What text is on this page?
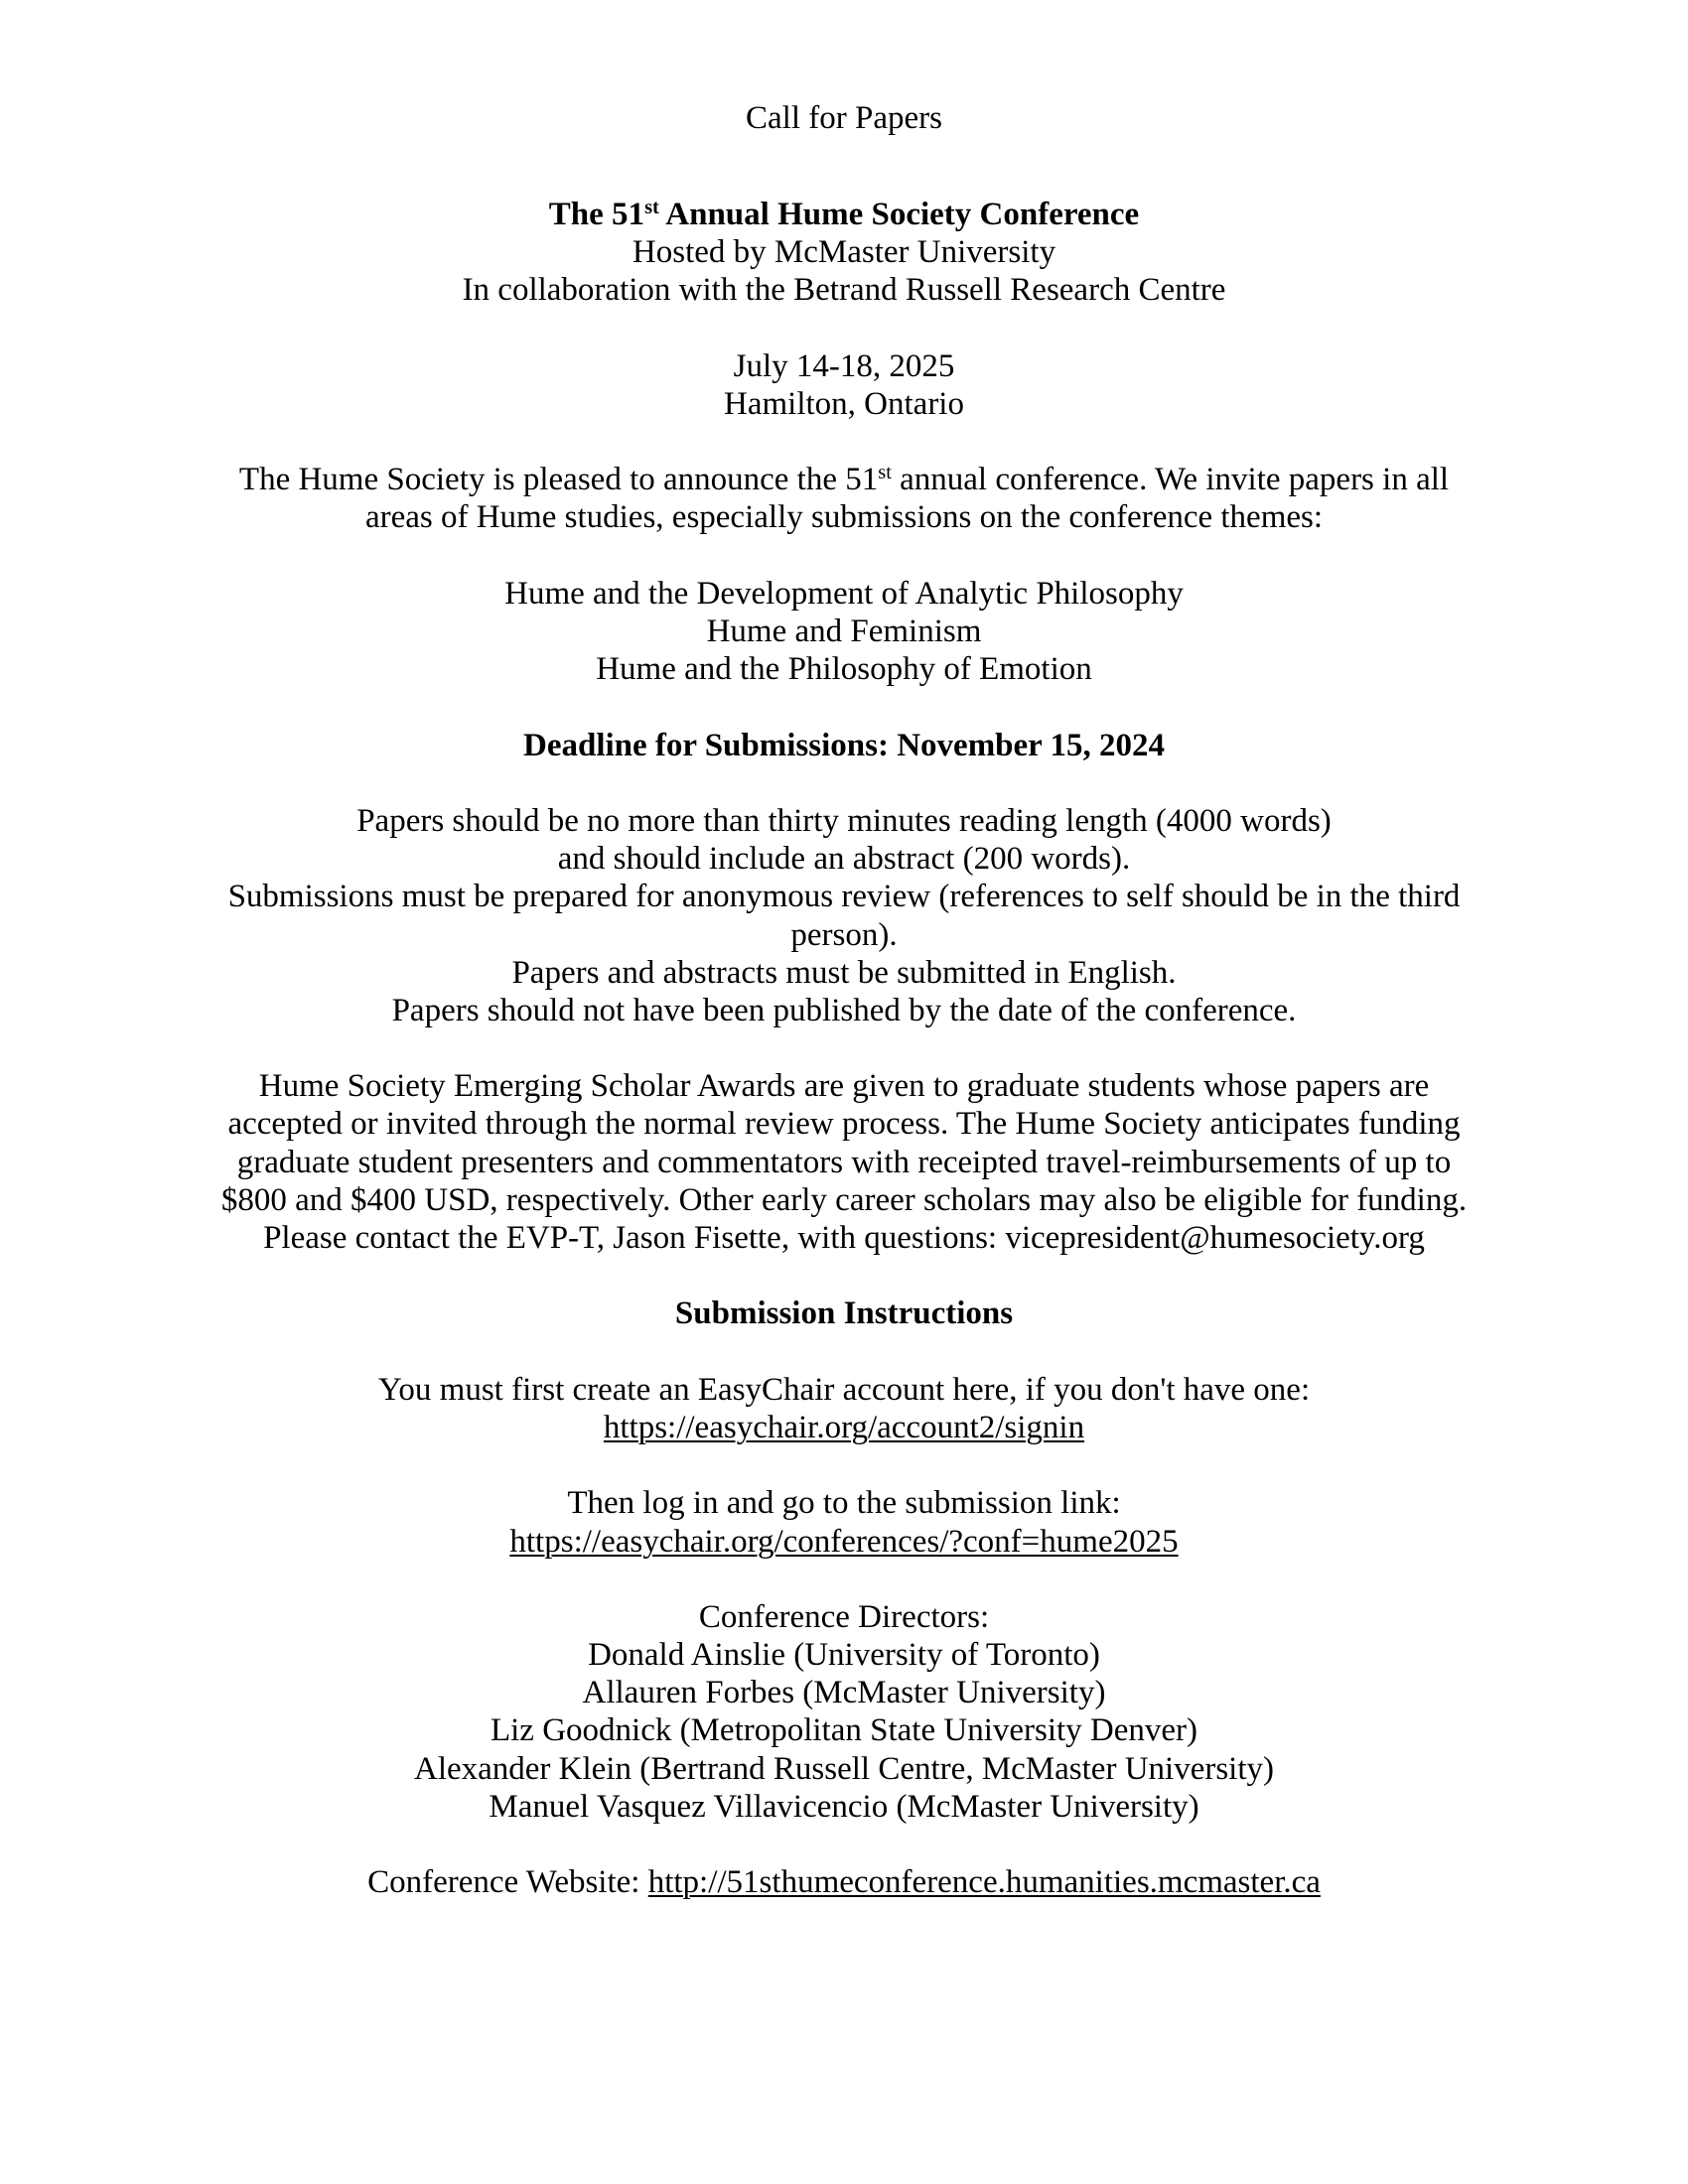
Call for Papers
The 51st Annual Hume Society Conference
Hosted by McMaster University
In collaboration with the Betrand Russell Research Centre
July 14-18, 2025
Hamilton, Ontario
The Hume Society is pleased to announce the 51st annual conference. We invite papers in all
areas of Hume studies, especially submissions on the conference themes:
Hume and the Development of Analytic Philosophy
Hume and Feminism
Hume and the Philosophy of Emotion
Deadline for Submissions: November 15, 2024
Papers should be no more than thirty minutes reading length (4000 words)
and should include an abstract (200 words).
Submissions must be prepared for anonymous review (references to self should be in the third
person).
Papers and abstracts must be submitted in English.
Papers should not have been published by the date of the conference.
Hume Society Emerging Scholar Awards are given to graduate students whose papers are
accepted or invited through the normal review process. The Hume Society anticipates funding
graduate student presenters and commentators with receipted travel-reimbursements of up to
$800 and $400 USD, respectively. Other early career scholars may also be eligible for funding.
Please contact the EVP-T, Jason Fisette, with questions: vicepresident@humesociety.org
Submission Instructions
You must first create an EasyChair account here, if you don't have one:
https://easychair.org/account2/signin
Then log in and go to the submission link:
https://easychair.org/conferences/?conf=hume2025
Conference Directors:
Donald Ainslie (University of Toronto)
Allauren Forbes (McMaster University)
Liz Goodnick (Metropolitan State University Denver)
Alexander Klein (Bertrand Russell Centre, McMaster University)
Manuel Vasquez Villavicencio (McMaster University)
Conference Website: http://51sthumeconference.humanities.mcmaster.ca
